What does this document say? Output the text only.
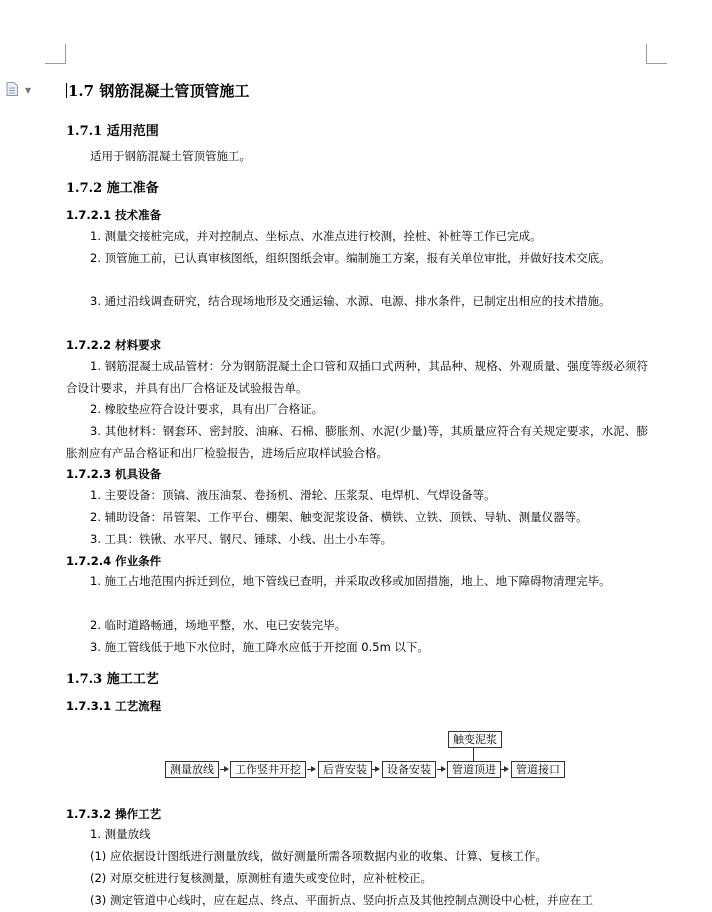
▼ 1.7 钢筋混凝土管顶管施工
1.7.1 适用范围
适用于钢筋混凝土管顶管施工。
1.7.2 施工准备
1.7.2.1 技术准备
1. 测量交接桩完成，并对控制点、坐标点、水准点进行校测，拴桩、补桩等工作已完成。
2. 顶管施工前，已认真审核图纸，组织图纸会审。编制施工方案，报有关单位审批，并做好技术交底。
3. 通过沿线调查研究，结合现场地形及交通运输、水源、电源、排水条件，已制定出相应的技术措施。
1.7.2.2 材料要求
1. 钢筋混凝土成品管材：分为钢筋混凝土企口管和双插口式两种，其品种、规格、外观质量、强度等级必须符合设计要求，并具有出厂合格证及试验报告单。
2. 橡胶垫应符合设计要求，具有出厂合格证。
3. 其他材料：钢套环、密封胶、油麻、石棉、膨胀剂、水泥(少量)等，其质量应符合有关规定要求，水泥、膨胀剂应有产品合格证和出厂检验报告，进场后应取样试验合格。
1.7.2.3 机具设备
1. 主要设备：顶镐、液压油泵、卷扬机、滑轮、压浆泵、电焊机、气焊设备等。
2. 辅助设备：吊管架、工作平台、棚架、触变泥浆设备、横铁、立铁、顶铁、导轨、测量仪器等。
3. 工具：铁锹、水平尺、钢尺、锤球、小线、出土小车等。
1.7.2.4 作业条件
1. 施工占地范围内拆迁到位，地下管线已查明，并采取改移或加固措施，地上、地下障碍物清理完毕。
2. 临时道路畅通，场地平整，水、电已安装完毕。
3. 施工管线低于地下水位时，施工降水应低于开挖面 0.5m 以下。
1.7.3 施工工艺
1.7.3.1 工艺流程
1.7.3.2 操作工艺
1. 测量放线
(1) 应依据设计图纸进行测量放线，做好测量所需各项数据内业的收集、计算、复核工作。
(2) 对原交桩进行复核测量，原测桩有遗失或变位时，应补桩校正。
(3) 测定管道中心线时，应在起点、终点、平面折点、竖向折点及其他控制点测设中心桩，并应在工
触变泥浆
测量放线	工作竖井开挖	后背安装	设备安装	管道顶进	管道接口
